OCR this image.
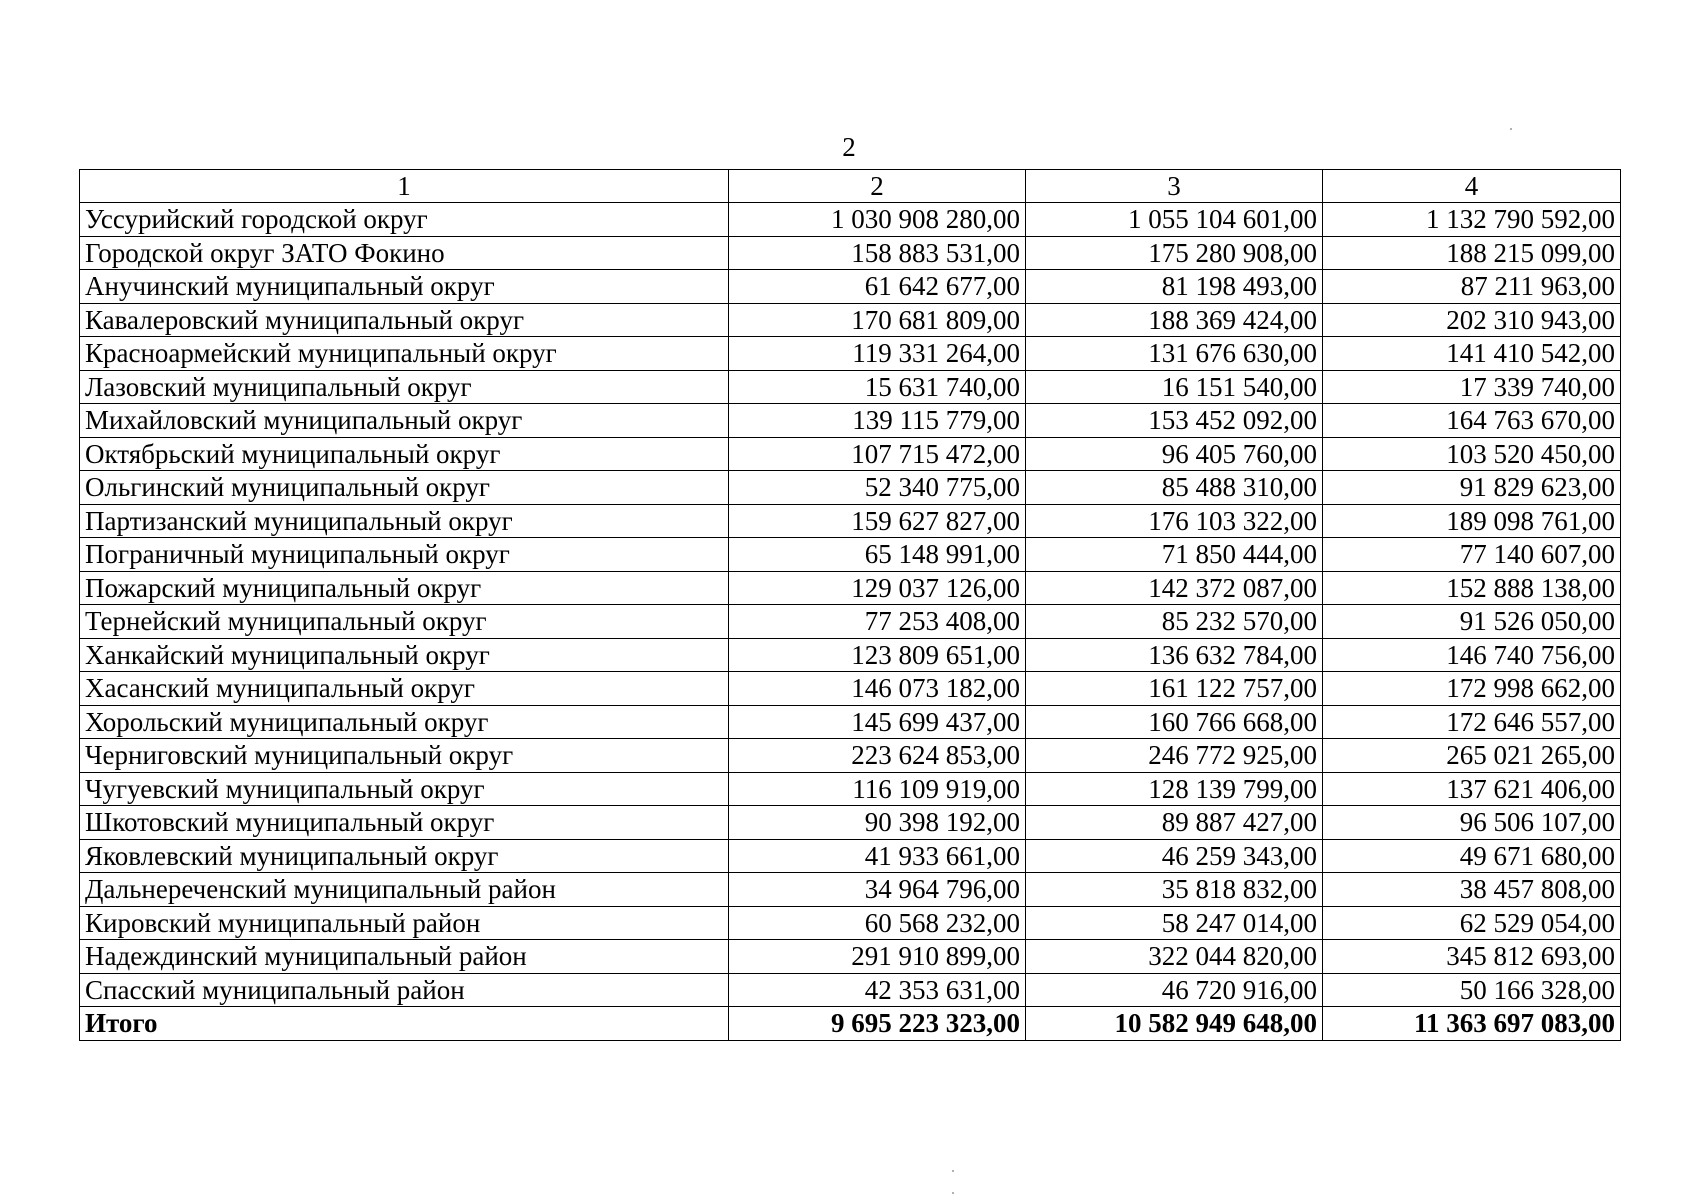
2
1	2	3	4
Уссурийский городской округ	1 030 908 280,00	1 055 104 601,00	1 132 790 592,00
Городской округ ЗАТО Фокино	158 883 531,00	175 280 908,00	188 215 099,00
Анучинский муниципальный округ	61 642 677,00	81 198 493,00	87 211 963,00
Кавалеровский муниципальный округ	170 681 809,00	188 369 424,00	202 310 943,00
Красноармейский муниципальный округ	119 331 264,00	131 676 630,00	141 410 542,00
Лазовский муниципальный округ	15 631 740,00	16 151 540,00	17 339 740,00
Михайловский муниципальный округ	139 115 779,00	153 452 092,00	164 763 670,00
Октябрьский муниципальный округ	107 715 472,00	96 405 760,00	103 520 450,00
Ольгинский муниципальный округ	52 340 775,00	85 488 310,00	91 829 623,00
Партизанский муниципальный округ	159 627 827,00	176 103 322,00	189 098 761,00
Пограничный муниципальный округ	65 148 991,00	71 850 444,00	77 140 607,00
Пожарский муниципальный округ	129 037 126,00	142 372 087,00	152 888 138,00
Тернейский муниципальный округ	77 253 408,00	85 232 570,00	91 526 050,00
Ханкайский муниципальный округ	123 809 651,00	136 632 784,00	146 740 756,00
Хасанский муниципальный округ	146 073 182,00	161 122 757,00	172 998 662,00
Хорольский муниципальный округ	145 699 437,00	160 766 668,00	172 646 557,00
Черниговский муниципальный округ	223 624 853,00	246 772 925,00	265 021 265,00
Чугуевский муниципальный округ	116 109 919,00	128 139 799,00	137 621 406,00
Шкотовский муниципальный округ	90 398 192,00	89 887 427,00	96 506 107,00
Яковлевский муниципальный округ	41 933 661,00	46 259 343,00	49 671 680,00
Дальнереченский муниципальный район	34 964 796,00	35 818 832,00	38 457 808,00
Кировский муниципальный район	60 568 232,00	58 247 014,00	62 529 054,00
Надеждинский муниципальный район	291 910 899,00	322 044 820,00	345 812 693,00
Спасский муниципальный район	42 353 631,00	46 720 916,00	50 166 328,00
Итого	9 695 223 323,00	10 582 949 648,00	11 363 697 083,00
